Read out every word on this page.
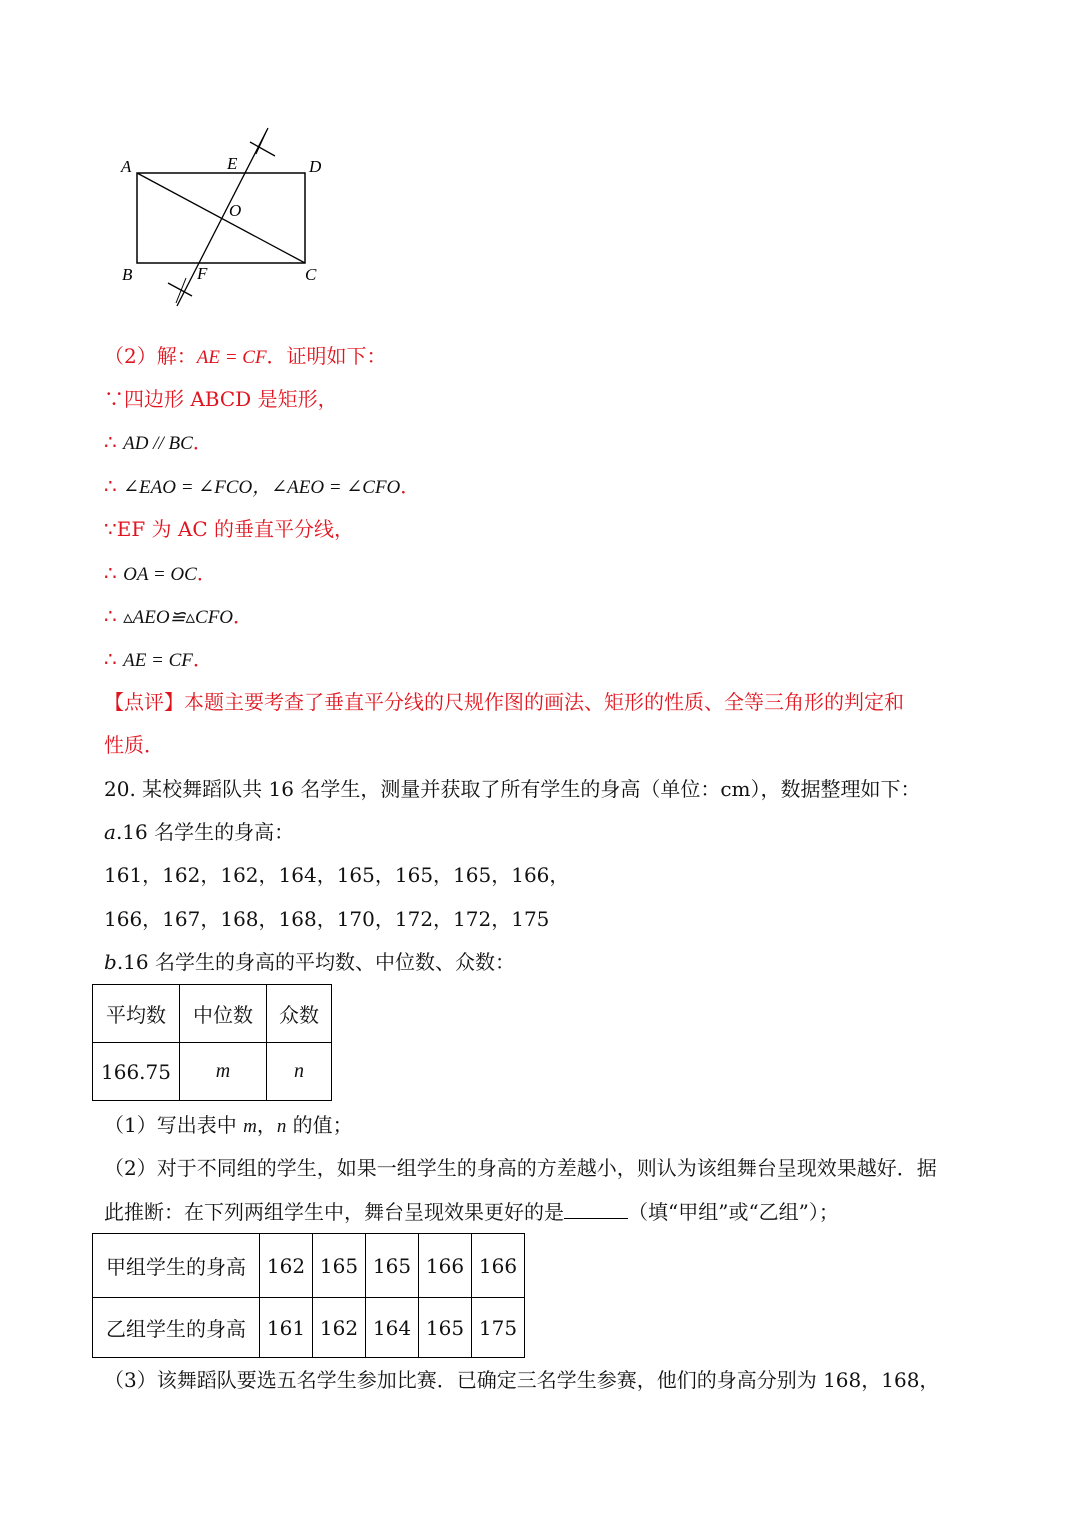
A	E	D
O
B	F	C
（2）解：AE = CF．证明如下：
∵四边形 ABCD 是矩形，
∴ AD // BC．
∴ ∠EAO = ∠FCO，∠AEO = ∠CFO．
∵EF 为 AC 的垂直平分线，
∴ OA = OC．
∴ ▵AEO≌▵CFO．
∴ AE = CF．
【点评】本题主要考查了垂直平分线的尺规作图的画法、矩形的性质、全等三角形的判定和
性质．
20. 某校舞蹈队共 16 名学生，测量并获取了所有学生的身高（单位：cm），数据整理如下：
a.16 名学生的身高：
161，162，162，164，165，165，165，166，
166，167，168，168，170，172，172，175
b.16 名学生的身高的平均数、中位数、众数：
平均数	中位数	众数
166.75	m	n
（1）写出表中 m，n 的值；
（2）对于不同组的学生，如果一组学生的身高的方差越小，则认为该组舞台呈现效果越好．据
此推断：在下列两组学生中，舞台呈现效果更好的是	（填“甲组”或“乙组”）；
甲组学生的身高	162	165	165	166	166
乙组学生的身高	161	162	164	165	175
（3）该舞蹈队要选五名学生参加比赛．已确定三名学生参赛，他们的身高分别为 168，168，
